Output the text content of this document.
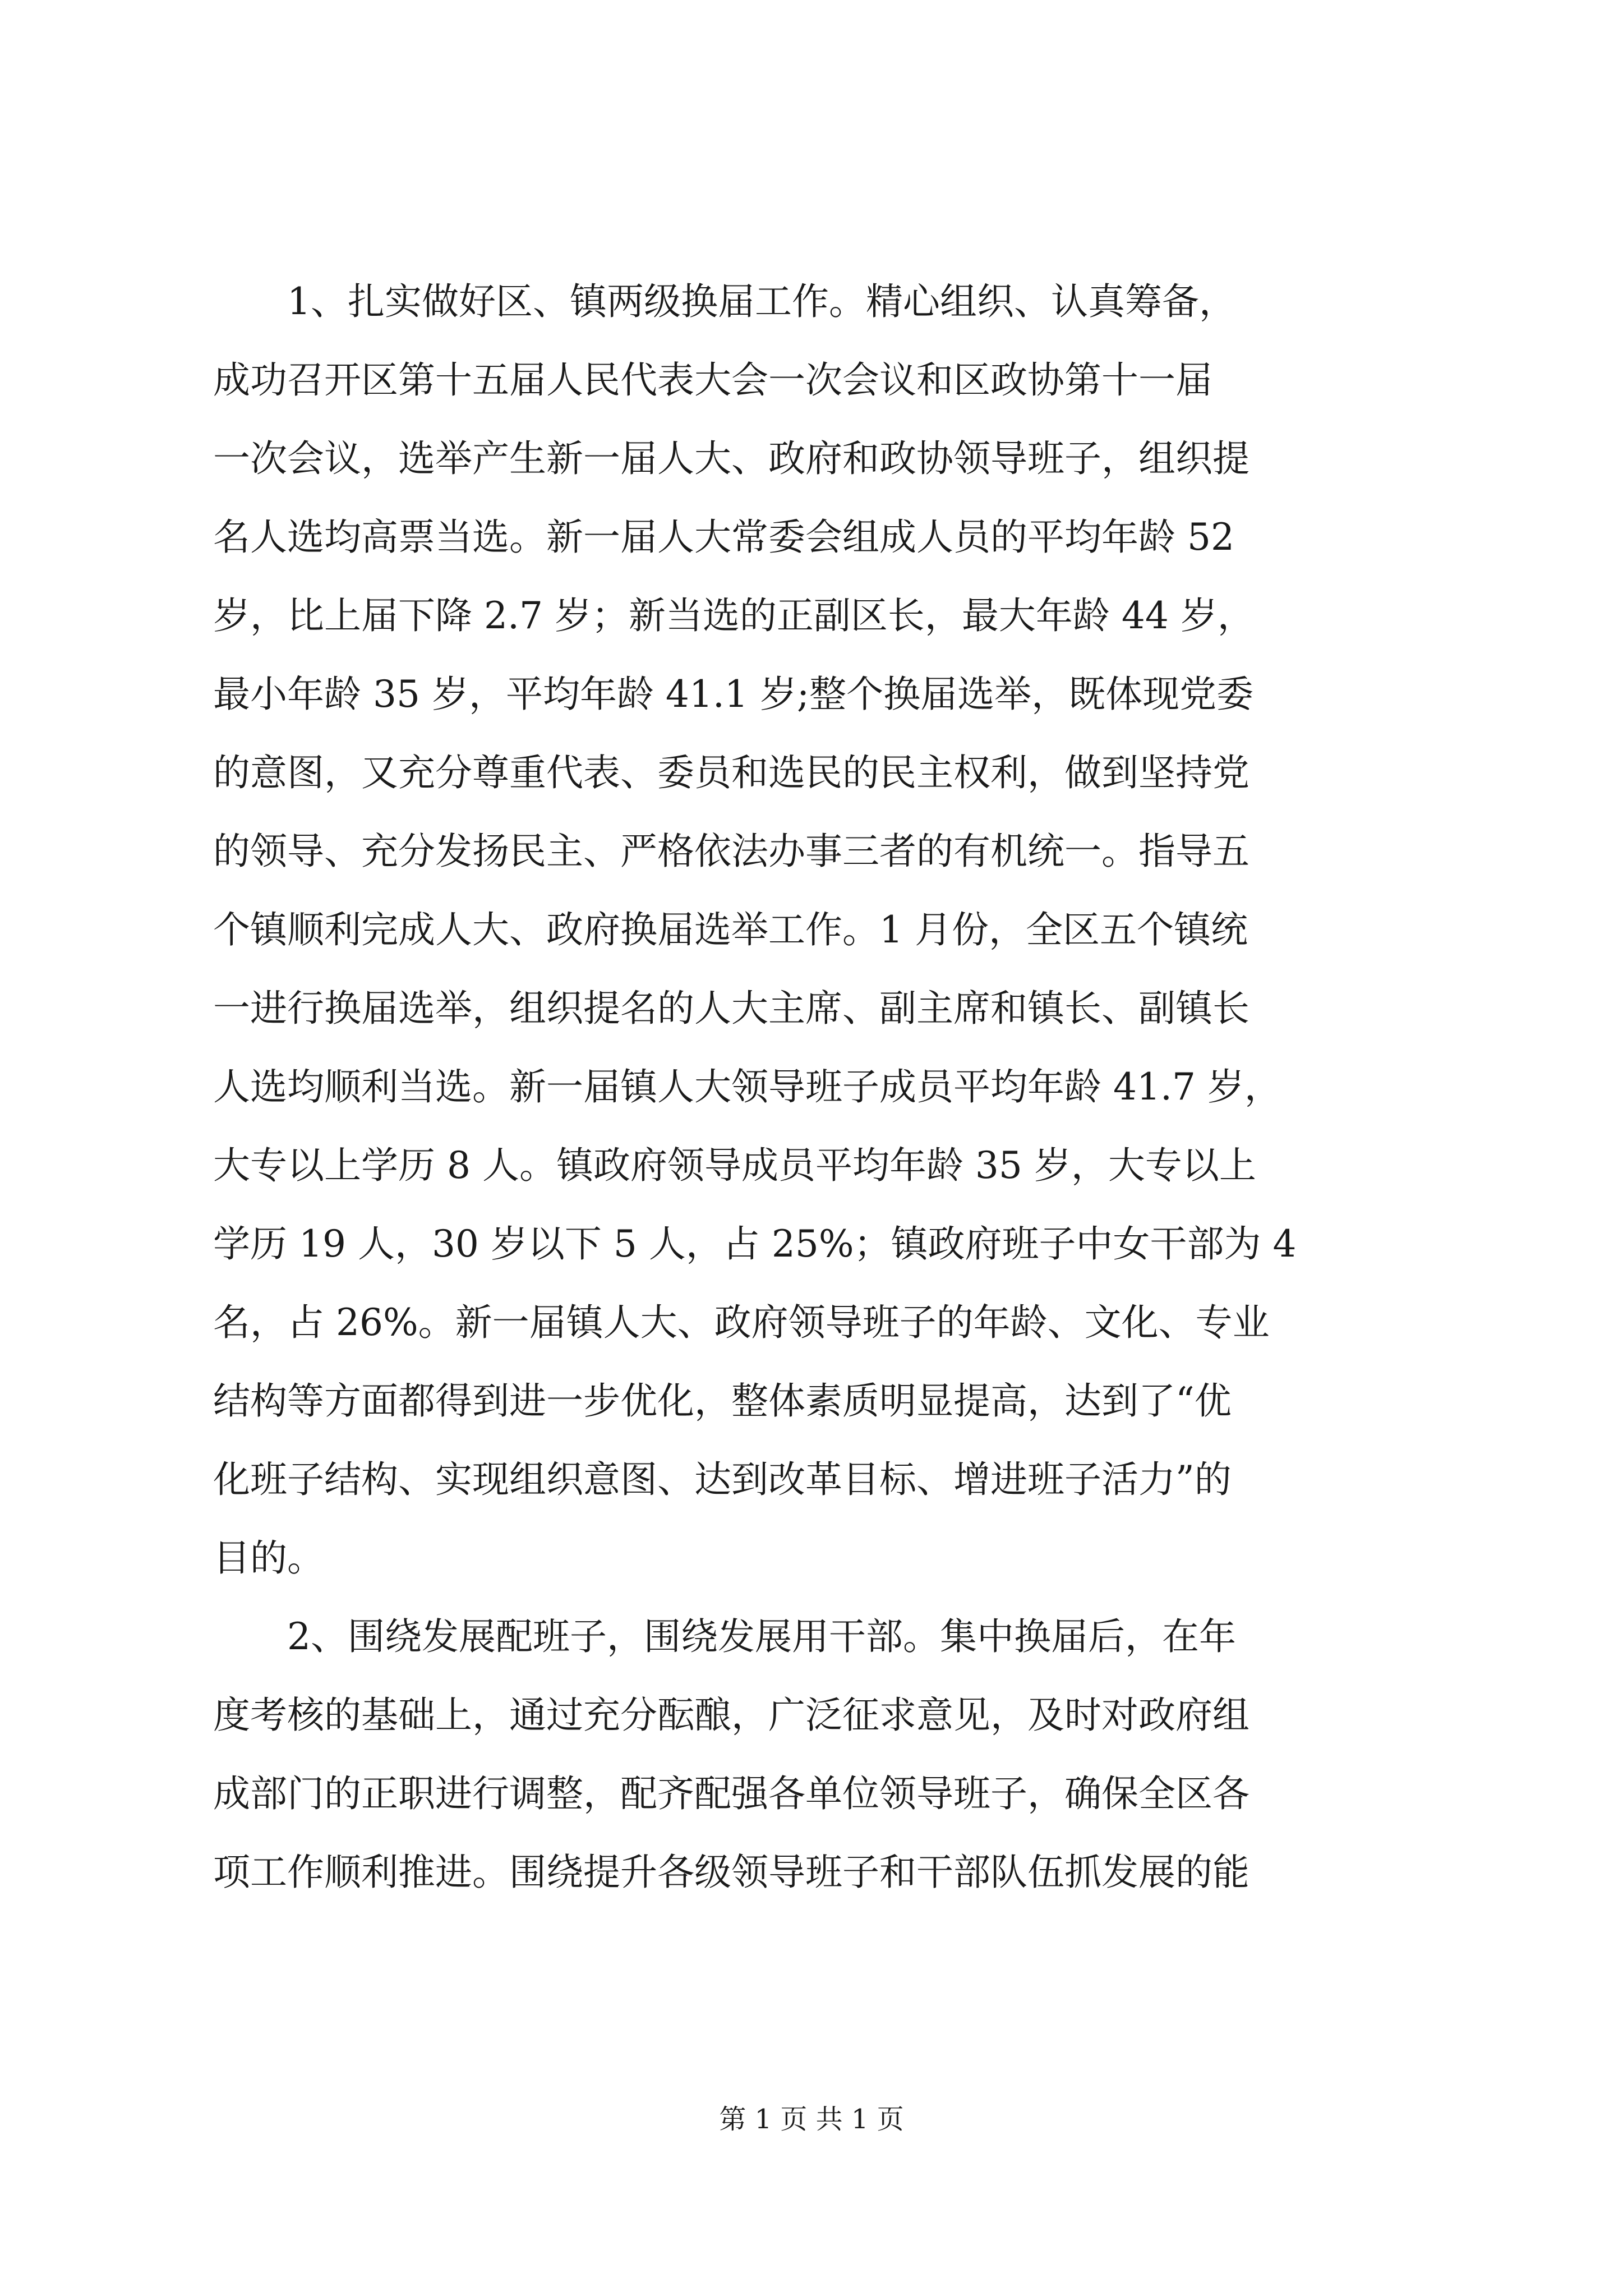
1、扎实做好区、镇两级换届工作。精心组织、认真筹备，
成功召开区第十五届人民代表大会一次会议和区政协第十一届
一次会议，选举产生新一届人大、政府和政协领导班子，组织提
名人选均高票当选。新一届人大常委会组成人员的平均年龄 52
岁，比上届下降 2.7 岁；新当选的正副区长，最大年龄 44 岁，
最小年龄 35 岁，平均年龄 41.1 岁;整个换届选举，既体现党委
的意图，又充分尊重代表、委员和选民的民主权利，做到坚持党
的领导、充分发扬民主、严格依法办事三者的有机统一。指导五
个镇顺利完成人大、政府换届选举工作。1 月份，全区五个镇统
一进行换届选举，组织提名的人大主席、副主席和镇长、副镇长
人选均顺利当选。新一届镇人大领导班子成员平均年龄 41.7 岁，
大专以上学历 8 人。镇政府领导成员平均年龄 35 岁，大专以上
学历 19 人，30 岁以下 5 人，占 25%；镇政府班子中女干部为 4
名，占 26%。新一届镇人大、政府领导班子的年龄、文化、专业
结构等方面都得到进一步优化，整体素质明显提高，达到了“优
化班子结构、实现组织意图、达到改革目标、增进班子活力”的
目的。
2、围绕发展配班子，围绕发展用干部。集中换届后，在年
度考核的基础上，通过充分酝酿，广泛征求意见，及时对政府组
成部门的正职进行调整，配齐配强各单位领导班子，确保全区各
项工作顺利推进。围绕提升各级领导班子和干部队伍抓发展的能
第 1 页 共 1 页
